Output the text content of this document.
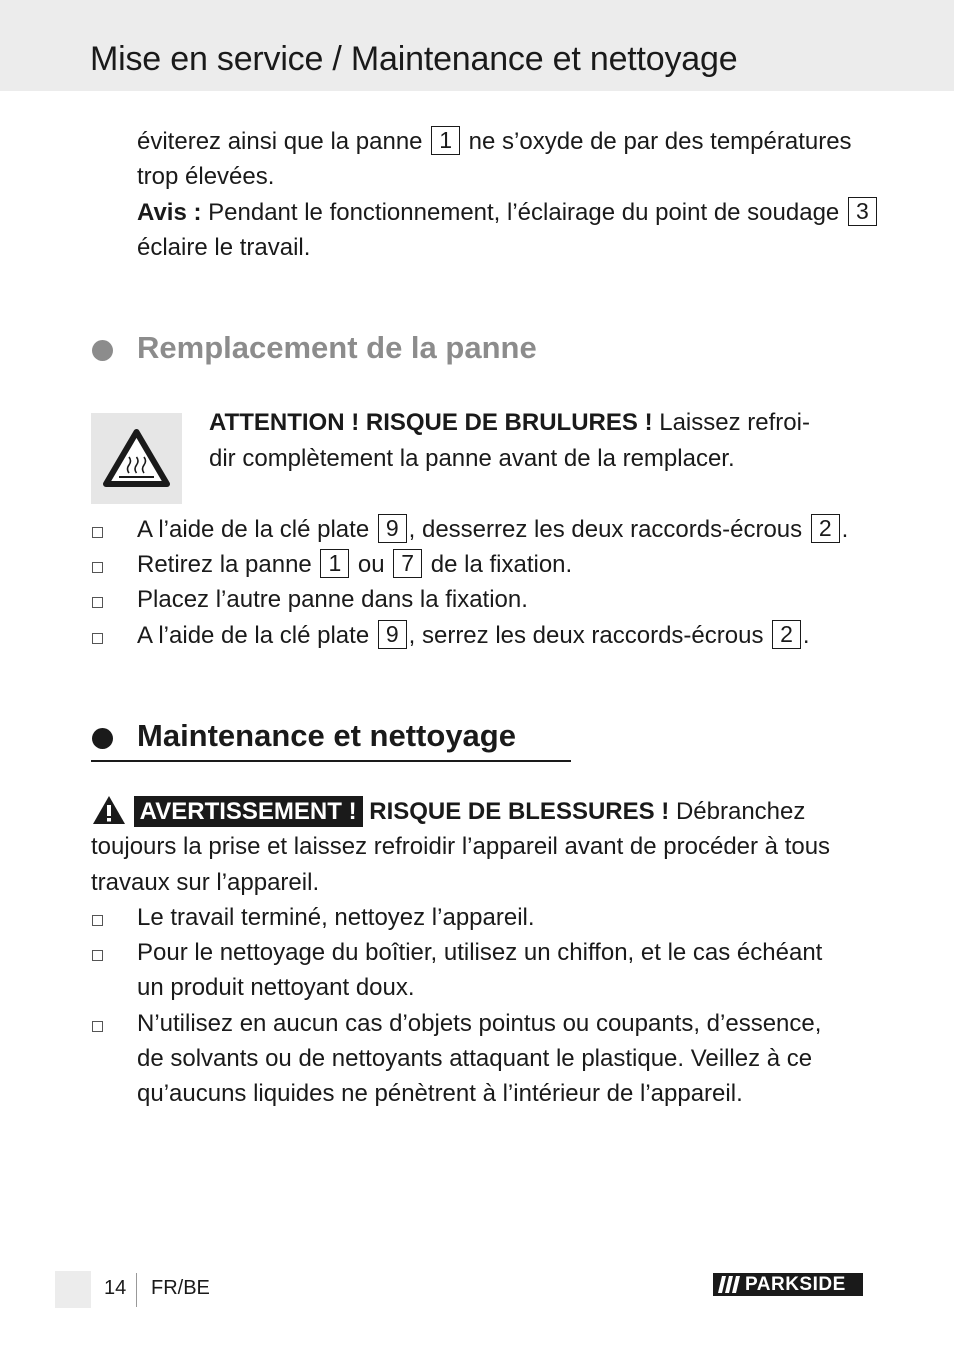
Mise en service / Maintenance et nettoyage
éviterez ainsi que la panne 1 ne s’oxyde de par des températures
trop élevées.
Avis : Pendant le fonctionnement, l’éclairage du point de soudage 3
éclaire le travail.
Remplacement de la panne
ATTENTION ! RISQUE DE BRULURES ! Laissez refroi-
dir complètement la panne avant de la remplacer.
A l’aide de la clé plate 9 , desserrez les deux raccords-écrous 2 .
Retirez la panne 1 ou 7 de la fixation.
Placez l’autre panne dans la fixation.
A l’aide de la clé plate 9 , serrez les deux raccords-écrous 2 .
Maintenance et nettoyage
AVERTISSEMENT ! RISQUE DE BLESSURES ! Débranchez
toujours la prise et laissez refroidir l’appareil avant de procéder à tous
travaux sur l’appareil.
Le travail terminé, nettoyez l’appareil.
Pour le nettoyage du boîtier, utilisez un chiffon, et le cas échéant
un produit nettoyant doux.
N’utilisez en aucun cas d’objets pointus ou coupants, d’essence,
de solvants ou de nettoyants attaquant le plastique. Veillez à ce
qu’aucuns liquides ne pénètrent à l’intérieur de l’appareil.
14 FR/BE	PARKSIDE
